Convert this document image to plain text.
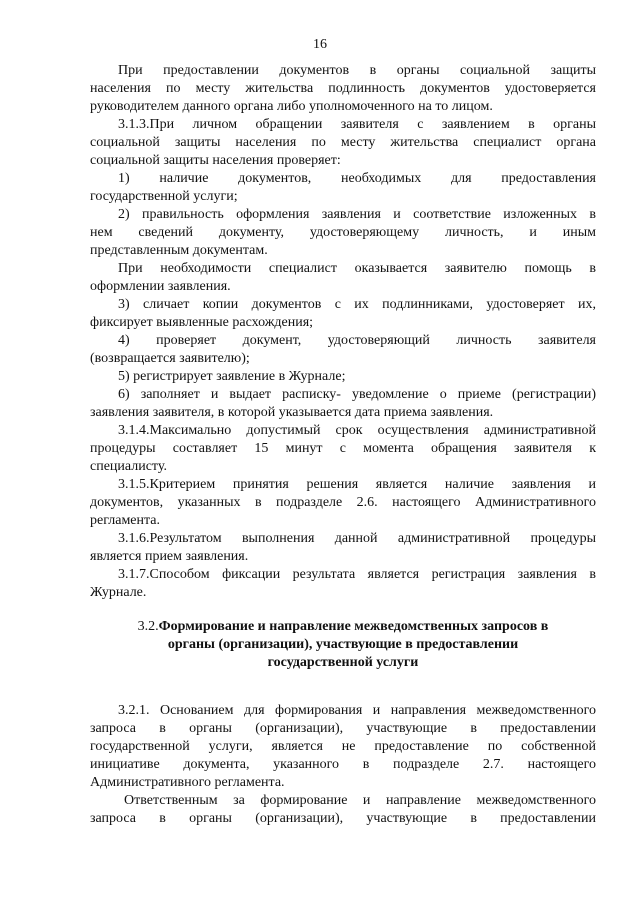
16
При предоставлении документов в органы социальной защиты
населения по месту жительства подлинность документов удостоверяется
руководителем данного органа либо уполномоченного на то лицом.
3.1.3.При личном обращении заявителя с заявлением в органы
социальной защиты населения по месту жительства специалист органа
социальной защиты населения проверяет:
1) наличие документов, необходимых для предоставления
государственной услуги;
2) правильность оформления заявления и соответствие изложенных в
нем сведений документу, удостоверяющему личность, и иным
представленным документам.
При необходимости специалист оказывается заявителю помощь в
оформлении заявления.
3) сличает копии документов с их подлинниками, удостоверяет их,
фиксирует выявленные расхождения;
4) проверяет документ, удостоверяющий личность заявителя
(возвращается заявителю);
5) регистрирует заявление в Журнале;
6) заполняет и выдает расписку- уведомление о приеме (регистрации)
заявления заявителя, в которой указывается дата приема заявления.
3.1.4.Максимально допустимый срок осуществления административной
процедуры составляет 15 минут с момента обращения заявителя к
специалисту.
3.1.5.Критерием принятия решения является наличие заявления и
документов, указанных в подразделе 2.6. настоящего Административного
регламента.
3.1.6.Результатом выполнения данной административной процедуры
является прием заявления.
3.1.7.Способом фиксации результата является регистрация заявления в
Журнале.
3.2.Формирование и направление межведомственных запросов в
органы (организации), участвующие в предоставлении
государственной услуги
3.2.1. Основанием для формирования и направления межведомственного
запроса в органы (организации), участвующие в предоставлении
государственной услуги, является не предоставление по собственной
инициативе документа, указанного в подразделе 2.7. настоящего
Административного регламента.
Ответственным за формирование и направление межведомственного
запроса в органы (организации), участвующие в предоставлении
